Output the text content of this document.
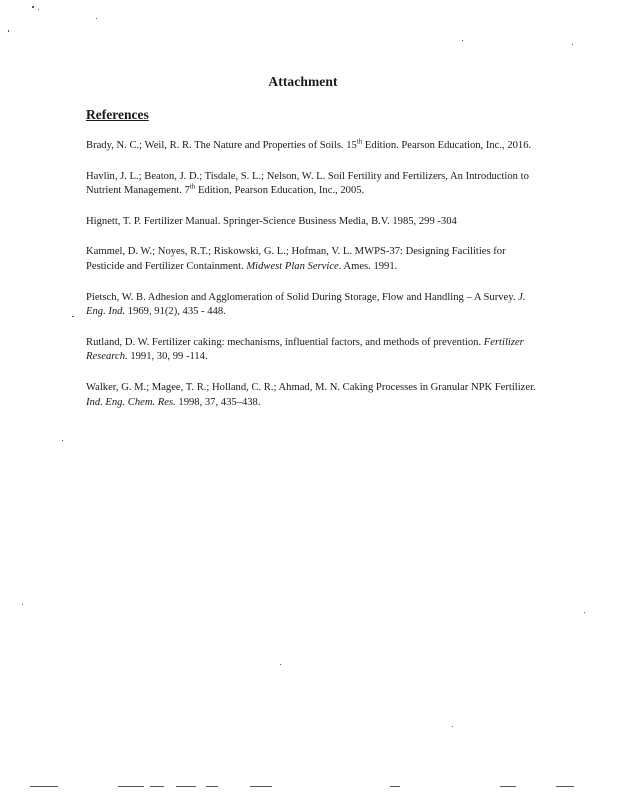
Attachment
References
Brady, N. C.; Weil, R. R. The Nature and Properties of Soils. 15th Edition. Pearson Education, Inc., 2016.
Havlin, J. L.; Beaton, J. D.; Tisdale, S. L.; Nelson, W. L. Soil Fertility and Fertilizers, An Introduction to Nutrient Management. 7th Edition, Pearson Education, Inc., 2005.
Hignett, T. P. Fertilizer Manual. Springer-Science Business Media, B.V. 1985, 299 -304
Kammel, D. W.; Noyes, R.T.; Riskowski, G. L.; Hofman, V. L. MWPS-37: Designing Facilities for Pesticide and Fertilizer Containment. Midwest Plan Service. Ames. 1991.
Pietsch, W. B. Adhesion and Agglomeration of Solid During Storage, Flow and Handling – A Survey. J. Eng. Ind. 1969, 91(2), 435 - 448.
Rutland, D. W. Fertilizer caking: mechanisms, influential factors, and methods of prevention. Fertilizer Research. 1991, 30, 99 -114.
Walker, G. M.; Magee, T. R.; Holland, C. R.; Ahmad, M. N. Caking Processes in Granular NPK Fertilizer. Ind. Eng. Chem. Res. 1998, 37, 435–438.
